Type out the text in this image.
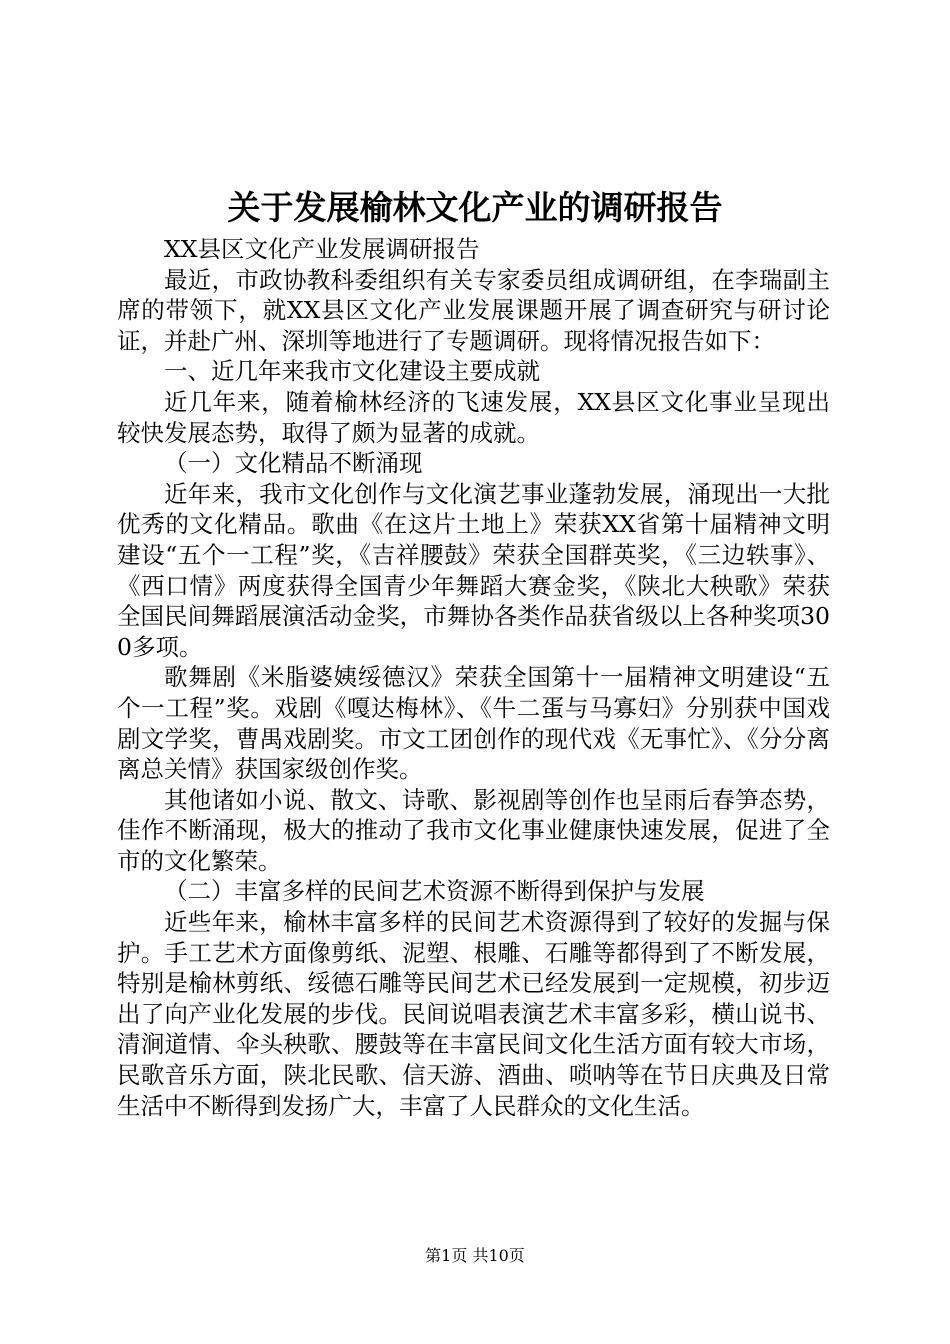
关于发展榆林文化产业的调研报告

XX县区文化产业发展调研报告

最近，市政协教科委组织有关专家委员组成调研组，在李瑞副主席的带领下，就XX县区文化产业发展课题开展了调查研究与研讨论证，并赴广州、深圳等地进行了专题调研。现将情况报告如下：

一、近几年来我市文化建设主要成就

近几年来，随着榆林经济的飞速发展，XX县区文化事业呈现出较快发展态势，取得了颇为显著的成就。

（一）文化精品不断涌现

近年来，我市文化创作与文化演艺事业蓬勃发展，涌现出一大批优秀的文化精品。歌曲《在这片土地上》荣获XX省第十届精神文明建设“五个一工程”奖，《吉祥腰鼓》荣获全国群英奖，《三边轶事》、《西口情》两度获得全国青少年舞蹈大赛金奖，《陕北大秧歌》荣获全国民间舞蹈展演活动金奖，市舞协各类作品获省级以上各种奖项300多项。

歌舞剧《米脂婆姨绥德汉》荣获全国第十一届精神文明建设“五个一工程”奖。戏剧《嘎达梅林》、《牛二蛋与马寡妇》分别获中国戏剧文学奖，曹禺戏剧奖。市文工团创作的现代戏《无事忙》、《分分离离总关情》获国家级创作奖。

其他诸如小说、散文、诗歌、影视剧等创作也呈雨后春笋态势，佳作不断涌现，极大的推动了我市文化事业健康快速发展，促进了全市的文化繁荣。

（二）丰富多样的民间艺术资源不断得到保护与发展

近些年来，榆林丰富多样的民间艺术资源得到了较好的发掘与保护。手工艺术方面像剪纸、泥塑、根雕、石雕等都得到了不断发展，特别是榆林剪纸、绥德石雕等民间艺术已经发展到一定规模，初步迈出了向产业化发展的步伐。民间说唱表演艺术丰富多彩，横山说书、清涧道情、伞头秧歌、腰鼓等在丰富民间文化生活方面有较大市场，民歌音乐方面，陕北民歌、信天游、酒曲、唢呐等在节日庆典及日常生活中不断得到发扬广大，丰富了人民群众的文化生活。

第1页 共10页
